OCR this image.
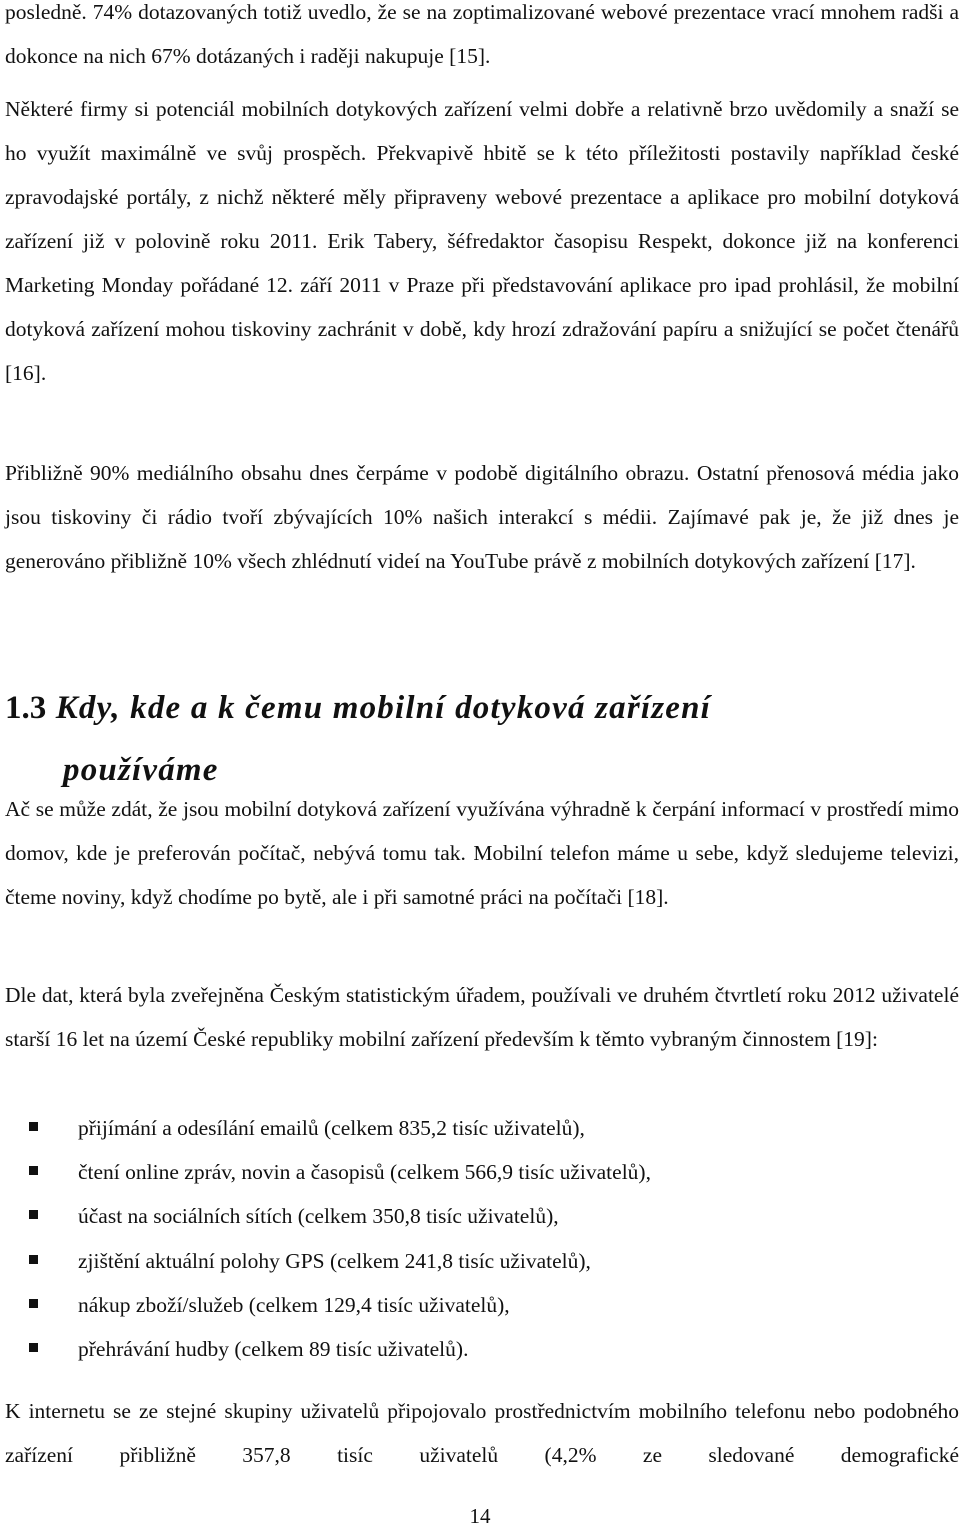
posledně. 74% dotazovaných totiž uvedlo, že se na zoptimalizované webové prezentace vrací mnohem radši a dokonce na nich 67% dotázaných i raději nakupuje [15].

Některé firmy si potenciál mobilních dotykových zařízení velmi dobře a relativně brzo uvědomily a snaží se ho využít maximálně ve svůj prospěch. Překvapivě hbitě se k této příležitosti postavily například české zpravodajské portály, z nichž některé měly připraveny webové prezentace a aplikace pro mobilní dotyková zařízení již v polovině roku 2011. Erik Tabery, šéfredaktor časopisu Respekt, dokonce již na konferenci Marketing Monday pořádané 12. září 2011 v Praze při představování aplikace pro ipad prohlásil, že mobilní dotyková zařízení mohou tiskoviny zachránit v době, kdy hrozí zdražování papíru a snižující se počet čtenářů [16].

Přibližně 90% mediálního obsahu dnes čerpáme v podobě digitálního obrazu. Ostatní přenosová média jako jsou tiskoviny či rádio tvoří zbývajících 10% našich interakcí s médii. Zajímavé pak je, že již dnes je generováno přibližně 10% všech zhlédnutí videí na YouTube právě z mobilních dotykových zařízení [17].

1.3 Kdy, kde a k čemu mobilní dotyková zařízení
používáme

Ač se může zdát, že jsou mobilní dotyková zařízení využívána výhradně k čerpání informací v prostředí mimo domov, kde je preferován počítač, nebývá tomu tak. Mobilní telefon máme u sebe, když sledujeme televizi, čteme noviny, když chodíme po bytě, ale i při samotné práci na počítači [18].

Dle dat, která byla zveřejněna Českým statistickým úřadem, používali ve druhém čtvrtletí roku 2012 uživatelé starší 16 let na území České republiky mobilní zařízení především k těmto vybraným činnostem [19]:

přijímání a odesílání emailů (celkem 835,2 tisíc uživatelů),
čtení online zpráv, novin a časopisů (celkem 566,9 tisíc uživatelů),
účast na sociálních sítích (celkem 350,8 tisíc uživatelů),
zjištění aktuální polohy GPS (celkem 241,8 tisíc uživatelů),
nákup zboží/služeb (celkem 129,4 tisíc uživatelů),
přehrávání hudby (celkem 89 tisíc uživatelů).

K internetu se ze stejné skupiny uživatelů připojovalo prostřednictvím mobilního telefonu nebo podobného zařízení přibližně 357,8 tisíc uživatelů (4,2% ze sledované demografické

14
